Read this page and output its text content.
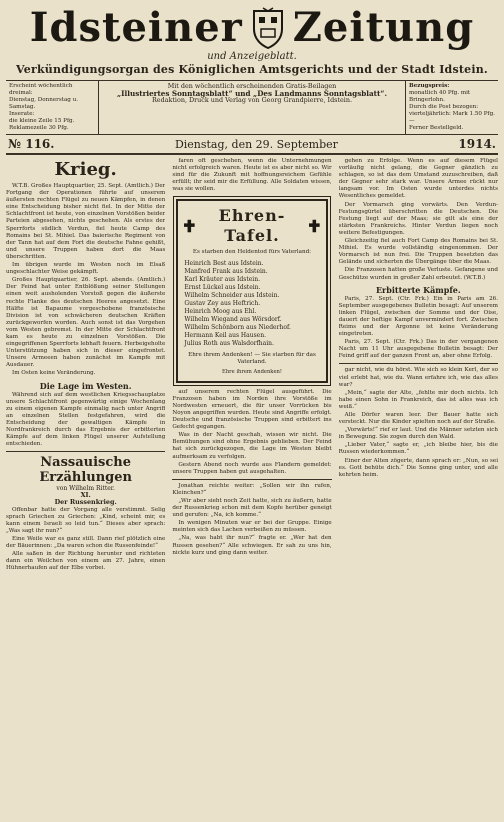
Idsteiner Zeitung
und Anzeigeblatt.
Verkündigungsorgan des Königlichen Amtsgerichts und der Stadt Idstein.
Erscheint wöchentlich dreimal:
Dienstag, Donnerstag u. Samstag.
Inserate:
die kleine Zeile 15 Pfg.
Reklamezeile 30 Pfg.
Mit den wöchentlich erscheinenden Gratis-Beilagen
„Illustriertes Sonntagsblatt“ und „Des Landmanns Sonntagsblatt“.
Redaktion, Druck und Verlag von Georg Grandpierre, Idstein.
Bezugspreis:
monatlich 40 Pfg. mit Bringerlohn.
Durch die Post bezogen:
vierteljährlich: Mark 1.50 Pfg. —
Ferner Bestellgeld.
№ 116.	Dienstag, den 29. September	1914.
Krieg.

W.T.B. Großes Hauptquartier, 25. Sept. (Amtlich.) Der Fortgang der Operationen führte auf unserem äußersten rechten Flügel zu neuen Kämpfen, in denen eine Entscheidung bisher nicht fiel. In der Mitte der Schlachtfront ist heute, von einzelnen Vorstößen beider Parteien abgesehen, nichts geschehen. Als erstes der Sperrforts südlich Verdun, fiel heute Camp des Romains bei St. Mihiel. Das baierische Regiment von der Tann hat auf dem Fort die deutsche Fahne gehißt, und unsere Truppen haben dort die Maas überschritten.

Im übrigen wurde im Westen noch im Elsaß ungeschlachter Weise gekämpft.

Großes Hauptquartier, 26. Sept. abends. (Amtlich.) Der Feind hat unter Entblößung seiner Stellungen einen weit ausholenden Vorstoß gegen die äußerste rechte Flanke des deutschen Heeres angesetzt. Eine Hälfte ist Bapaume vorgeschobene französische Division ist von schwächeren deutschen Kräften zurückgeworfen worden. Auch sonst ist das Vorgehen vom Westen gebremst. In der Mitte der Schlachtfront kam es heute zu einzelnen Vorstößen. Die eingegriffenen Sperrforts lebhaft feuern. Herbeigeholte Unterstützung haben sich in dieser eingefrontet. Unsere Armeeen haben zunächst im Kampfe mit Ausdauer.

Im Osten keine Veränderung.

Die Lage im Westen.

Während sich auf dem westlichen Kriegsschauplatze unsere Schlachtfront gegenwärtig einige Wochenlang zu einem eigenen Kampfe einmalig nach unter Angriff an einzelnen Stellen festgefahren, wird die Entscheidung der gewaltigen Kämpfe in Nordfrankreich durch das Ergebnis der erbitterten Kämpfe auf dem linken Flügel unserer Aufstellung entschieden.

Nassauische Erzählungen
von Wilhelm Ritter.
XI.
Der Russenkrieg.

Offenbar hatte der Vorgang alle verstimmt. Selig sprach Griechen zu Griechen: „Kind, scheint mir, es kann einem Israeli so leid tun.“ Dieses aber sprach: „Was sagt ihr nun?“

Eine Weile war es ganz still. Dann rief plötzlich eine der Bäuerinnen: „Da waren schon die Russenfeinde!“

Alle saßen in der Richtung herunter und richteten dann ein Weilchen von einem am 27. Jahre, einen Hühnerhaufen auf der Elbe vorbei.

faren oft geschehen, wenn die Unternehmungen nicht erfolgreich waren. Heute ist es aber nicht so. Wir sind für die Zukunft mit hoffnungsreichem Gefühle erfüllt; ihr seid mir die Erfüllung. Alle Soldaten wissen, was sie wollen.

Ehren-Tafel.
Es starben den Heldentod fürs Vaterland:
Heinrich Best aus Idstein.
Manfred Frank aus Idstein.
Karl Kräuter aus Idstein.
Ernst Lückel aus Idstein.
Wilhelm Schneider aus Idstein.
Gustav Zey aus Heftrich.
Heinrich Moog aus Ehl.
Wilhelm Wiegand aus Wörsdorf.
Wilhelm Schönborn aus Niederhof.
Hermann Keil aus Hausen.
Julius Roth aus Walsdorfhain.
Ehre ihrem Andenken! — Sie starben für das Vaterland.
Ehre ihrem Andenken!

auf unserem rechten Flügel ausgeführt. Die Franzosen haben im Norden ihre Vorstöße im Nordwesten erneuert, die für unser Vorrücken bis Noyon angegriffen wurden. Heute sind Angriffe erfolgt. Deutsche und französische Truppen sind erbittert ins Gefecht gegangen.

Was in der Nacht geschah, wissen wir nicht. Die Bemühungen sind ohne Ergebnis geblieben. Der Feind hat sich zurückgezogen, die Lage im Westen bleibt aufmerksam zu verfolgen.

Gestern Abend noch wurde aus Flandern gemeldet: unsere Truppen haben gut ausgehalten.

Jonathan reichte weiter: „Sollen wir ihn rufen, Kleinchen?“

„Wir aber sieht noch Zeit hatte, sich zu äußern, hatte der Russenkrieg schon mit dem Kopfe herüber geneigt und gerufen: „Na, ich komme.“

In wenigen Minuten war er bei der Gruppe. Einige meinten sich das Lachen verbeißen zu müssen.

„Na, was habt ihr nun?“ fragte er. „Wer hat den Russen gesehen?“ Alle schwiegen. Er sah zu uns hin, nickte kurz und ging dann weiter.

gehen zu Erfolge. Wenn es auf diesem Flügel vorläufig nicht gelang, die Gegner gänzlich zu schlagen, so ist das dem Umstand zuzuschreiben, daß der Gegner sehr stark war. Unsere Armee rückt nur langsam vor. Im Osten wurde unterdes nichts Wesentliches gemeldet.

Der Vormarsch ging vorwärts. Den Verdun-Festungsgürtel überschritten die Deutschen. Die Festung liegt auf der Maas; sie gilt als eine der stärksten Frankreichs. Hinter Verdun liegen noch weitere Befestigungen.

Gleichzeitig fiel auch Fort Camp des Romains bei St. Mihiel. Es wurde vollständig eingenommen. Der Vormarsch ist nun frei. Die Truppen besetzten das Gelände und sicherten die Übergänge über die Maas.

Die Franzosen hatten große Verluste. Gefangene und Geschütze wurden in großer Zahl erbeutet. (W.T.B.)

Erbitterte Kämpfe.

Paris, 27. Sept. (Ctr. Frk.) Ein in Paris am 26. September ausgegebenes Bulletin besagt: Auf unserem linken Flügel, zwischen der Somme und der Oise, dauert der heftige Kampf unvermindert fort. Zwischen Reims und der Argonne ist keine Veränderung eingetreten.

Paris, 27. Sept. (Ctr. Frk.) Das in der vergangenen Nacht um 11 Uhr ausgegebene Bulletin besagt: Der Feind griff auf der ganzen Front an, aber ohne Erfolg.

gar nicht, wie du hörst. Wie sich so klein Kerl, der so viel erlebt hat, wie du. Wann erfahre ich, wie das alles war?

„Mein,“ sagte der Alte, „fehlte mir doch nichts. Ich habe einen Sohn in Frankreich, das ist alles was ich weiß.“

Alle Dörfer waren leer. Der Bauer hatte sich versteckt. Nur die Kinder spielten noch auf der Straße.

„Vorwärts!“ rief er laut. Und die Männer setzten sich in Bewegung. Sie zogen durch den Wald.

„Lieber Vater,“ sagte er, „ich bleibe hier, bis die Russen wiederkommen.“

Einer der Alten zögerte, dann sprach er: „Nun, so sei es. Gott behüte dich.“ Die Sonne ging unter, und alle kehrten heim.
